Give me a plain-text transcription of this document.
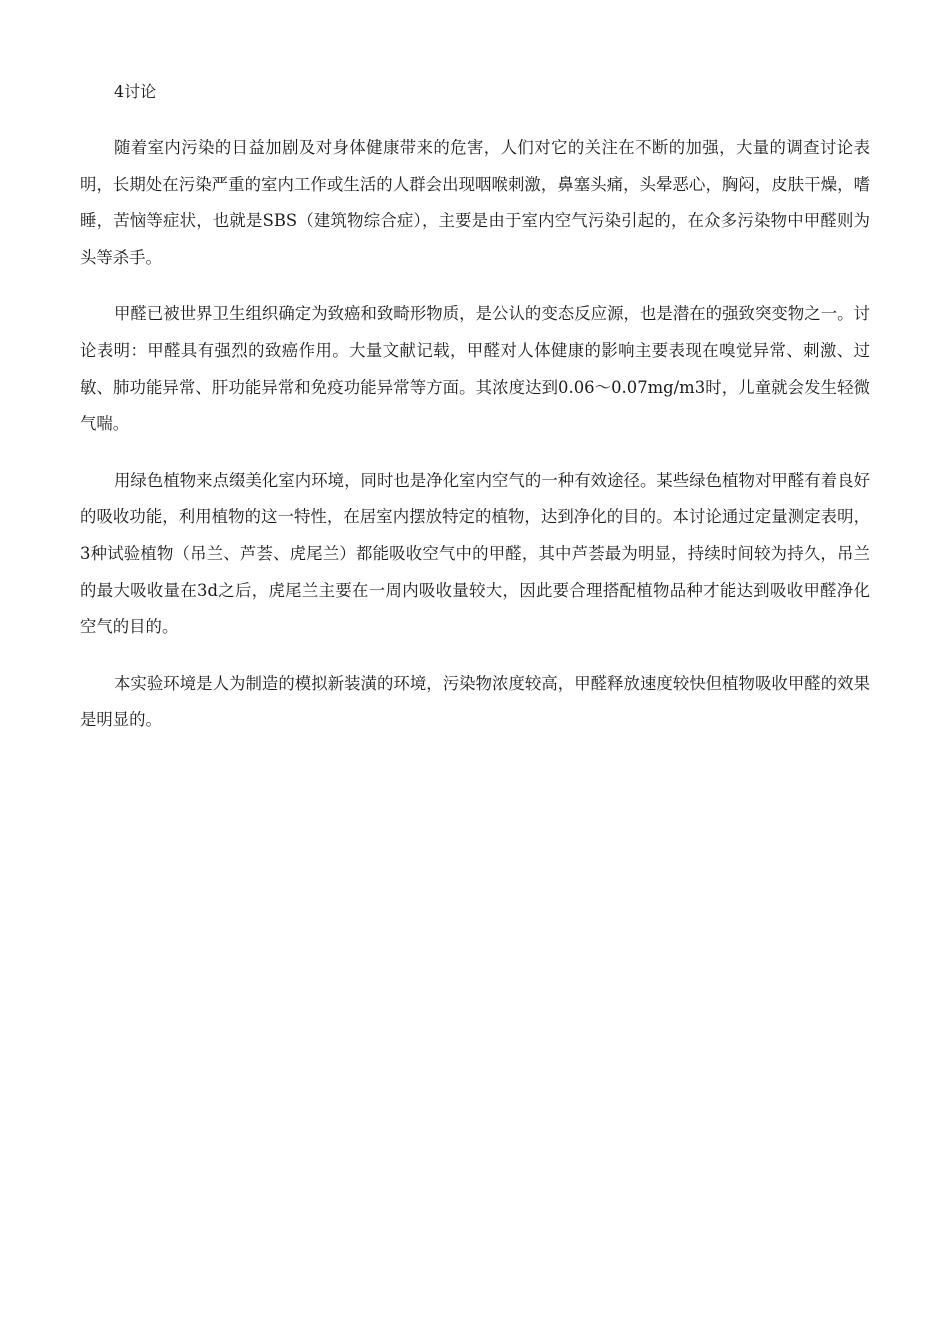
4讨论

随着室内污染的日益加剧及对身体健康带来的危害，人们对它的关注在不断的加强，大量的调查讨论表明，长期处在污染严重的室内工作或生活的人群会出现咽喉刺激，鼻塞头痛，头晕恶心，胸闷，皮肤干燥，嗜睡，苦恼等症状，也就是SBS（建筑物综合症），主要是由于室内空气污染引起的，在众多污染物中甲醛则为头等杀手。

甲醛已被世界卫生组织确定为致癌和致畸形物质，是公认的变态反应源，也是潜在的强致突变物之一。讨论表明：甲醛具有强烈的致癌作用。大量文献记载，甲醛对人体健康的影响主要表现在嗅觉异常、刺激、过敏、肺功能异常、肝功能异常和免疫功能异常等方面。其浓度达到0.06～0.07mg/m3时，儿童就会发生轻微气喘。

用绿色植物来点缀美化室内环境，同时也是净化室内空气的一种有效途径。某些绿色植物对甲醛有着良好的吸收功能，利用植物的这一特性，在居室内摆放特定的植物，达到净化的目的。本讨论通过定量测定表明，3种试验植物（吊兰、芦荟、虎尾兰）都能吸收空气中的甲醛，其中芦荟最为明显，持续时间较为持久，吊兰的最大吸收量在3d之后，虎尾兰主要在一周内吸收量较大，因此要合理搭配植物品种才能达到吸收甲醛净化空气的目的。

本实验环境是人为制造的模拟新装潢的环境，污染物浓度较高，甲醛释放速度较快但植物吸收甲醛的效果是明显的。
